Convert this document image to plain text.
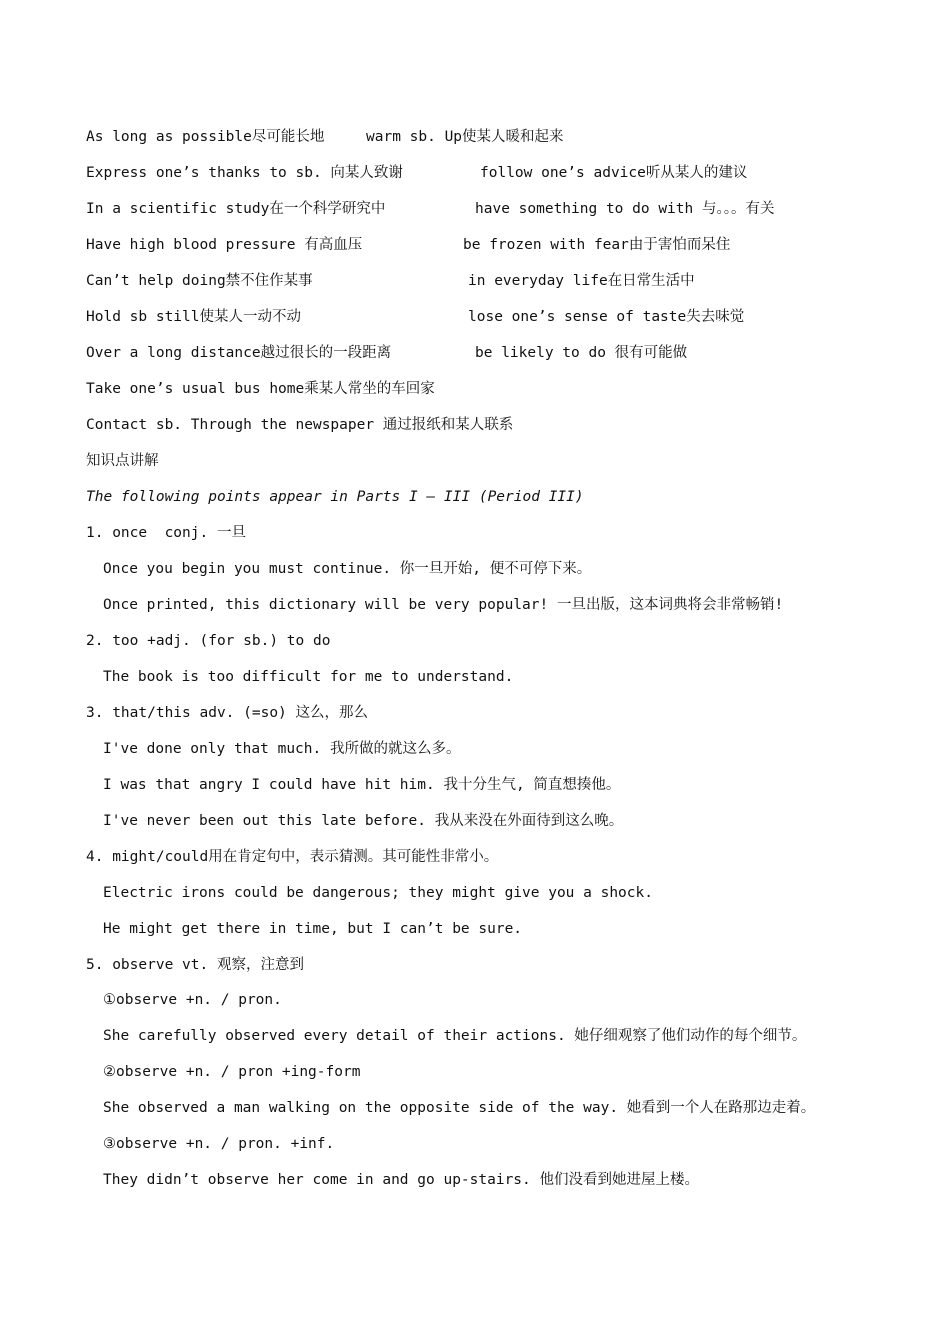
As long as possible尽可能长地	warm sb. Up使某人暖和起来
Express one’s thanks to sb. 向某人致谢	follow one’s advice听从某人的建议
In a scientific study在一个科学研究中	have something to do with 与。。。有关
Have high blood pressure 有高血压	be frozen with fear由于害怕而呆住
Can’t help doing禁不住作某事	in everyday life在日常生活中
Hold sb still使某人一动不动	lose one’s sense of taste失去味觉
Over a long distance越过很长的一段距离	be likely to do 很有可能做
Take one’s usual bus home乘某人常坐的车回家
Contact sb. Through the newspaper 通过报纸和某人联系
知识点讲解
The following points appear in Parts I – III (Period III)
1. once  conj. 一旦
Once you begin you must continue. 你一旦开始, 便不可停下来。
Once printed, this dictionary will be very popular! 一旦出版，这本词典将会非常畅销!
2. too +adj. (for sb.) to do
The book is too difficult for me to understand.
3. that/this adv. (=so) 这么，那么
I've done only that much. 我所做的就这么多。
I was that angry I could have hit him. 我十分生气, 简直想揍他。
I've never been out this late before. 我从来没在外面待到这么晚。
4. might/could用在肯定句中，表示猜测。其可能性非常小。
Electric irons could be dangerous; they might give you a shock.
He might get there in time, but I can’t be sure.
5. observe vt. 观察，注意到
①observe +n. / pron.
She carefully observed every detail of their actions. 她仔细观察了他们动作的每个细节。
②observe +n. / pron +ing-form
She observed a man walking on the opposite side of the way. 她看到一个人在路那边走着。
③observe +n. / pron. +inf.
They didn’t observe her come in and go up-stairs. 他们没看到她进屋上楼。
